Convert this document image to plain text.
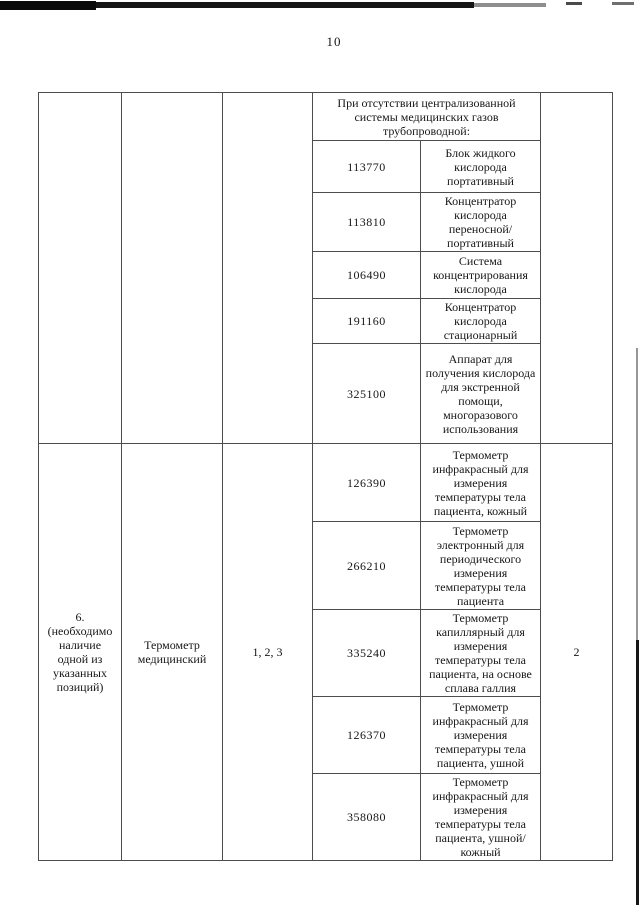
10
			При отсутствии централизованной системы медицинских газов трубопроводной:		
			113770	Блок жидкого кислорода портативный	
			113810	Концентратор кислорода переносной/​портативный	
			106490	Система концентрирования кислорода	
			191160	Концентратор кислорода стационарный	
			325100	Аппарат для получения кислорода для экстренной помощи, многоразового использования	

6.
(необходимо наличие одной из указанных позиций)	Термометр медицинский	1, 2, 3	126390	Термометр инфракрасный для измерения температуры тела пациента, кожный	2
			266210	Термометр электронный для периодического измерения температуры тела пациента	
			335240	Термометр капиллярный для измерения температуры тела пациента, на основе сплава галлия	
			126370	Термометр инфракрасный для измерения температуры тела пациента, ушной	
			358080	Термометр инфракрасный для измерения температуры тела пациента, ушной/кожный	
